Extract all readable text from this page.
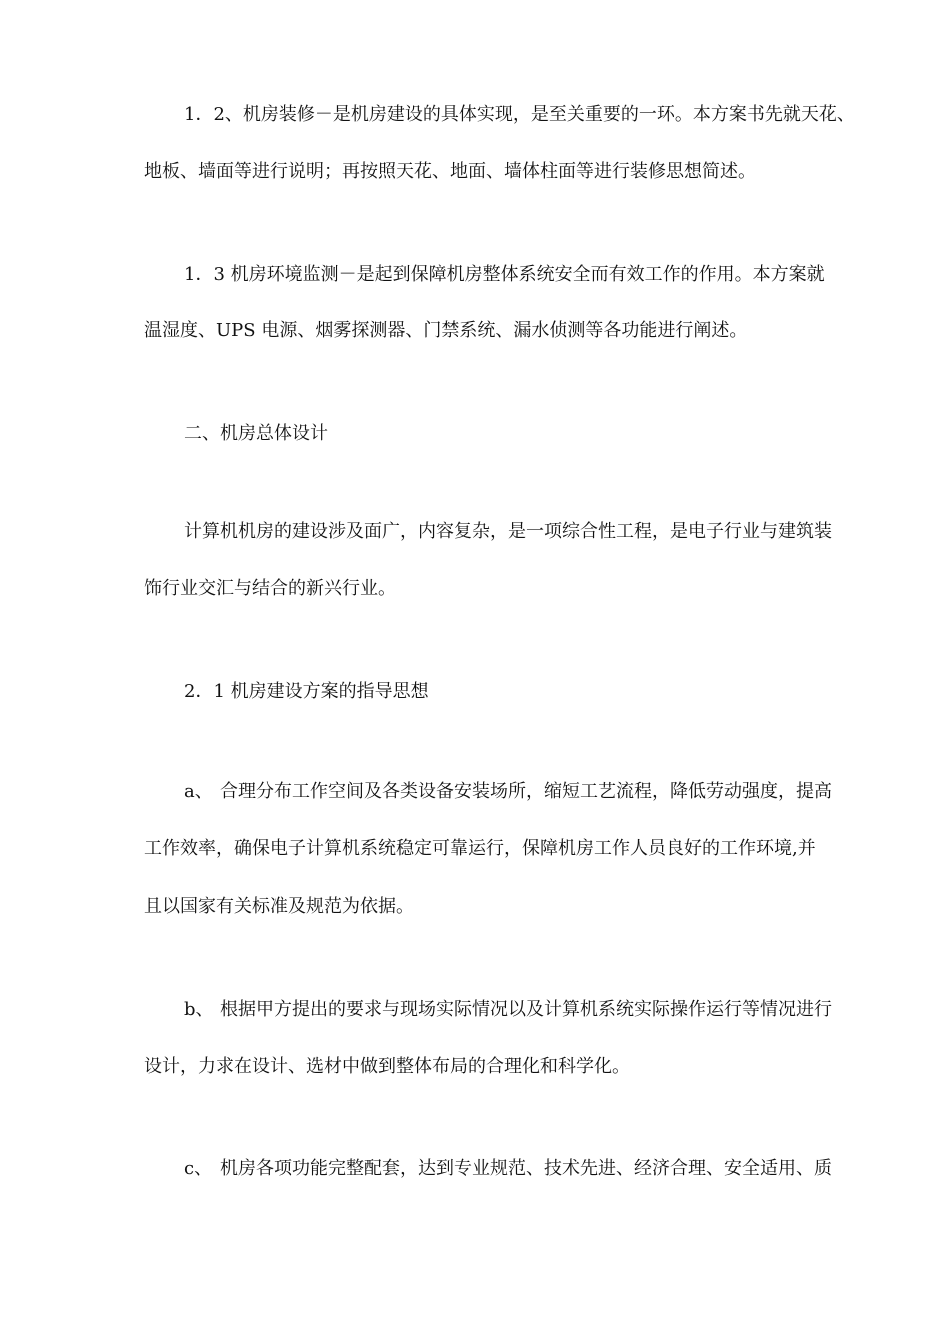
1．2、机房装修－是机房建设的具体实现，是至关重要的一环。本方案书先就天花、
地板、墙面等进行说明；再按照天花、地面、墙体柱面等进行装修思想简述。
1．3 机房环境监测－是起到保障机房整体系统安全而有效工作的作用。本方案就
温湿度、UPS 电源、烟雾探测器、门禁系统、漏水侦测等各功能进行阐述。
二、机房总体设计
计算机机房的建设涉及面广，内容复杂，是一项综合性工程，是电子行业与建筑装
饰行业交汇与结合的新兴行业。
2．1 机房建设方案的指导思想
a、 合理分布工作空间及各类设备安装场所，缩短工艺流程，降低劳动强度，提高
工作效率，确保电子计算机系统稳定可靠运行，保障机房工作人员良好的工作环境,并
且以国家有关标准及规范为依据。
b、 根据甲方提出的要求与现场实际情况以及计算机系统实际操作运行等情况进行
设计，力求在设计、选材中做到整体布局的合理化和科学化。
c、 机房各项功能完整配套，达到专业规范、技术先进、经济合理、安全适用、质
